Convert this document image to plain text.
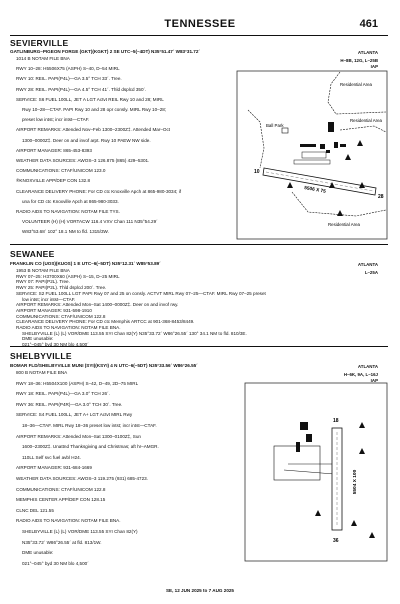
TENNESSEE	461
SEVIERVILLE
GATLINBURG–PIGEON FORGE (GKT)(KGKT) 2 SE UTC–5(–4DT) N35°51.47´ W83°31.72´	ATLANTA
H–8B, 12G, L–25B
IAP
1014 B NOTAM FILE BNA
RWY 10–28: H5506X75 (ASPH) S–40, D–54 MIRL
RWY 10: REIL. PAPI(P4L)—GA 3.5° TCH 33´. Tree.
RWY 28: REIL. PAPI(P4L)—GA 4.5° TCH 41´. Thld dsplcd 350´.
SERVICE: S6 FUEL 100LL, JET A LGT Actvt REIL Rwy 10 and 28; MIRL
Rwy 10–28—CTAF. PAPI Rwy 10 and 28 opr consly. MIRL Rwy 10–28;
preset low intst; incr intst—CTAF.
AIRPORT REMARKS: Attended Nov–Feb 1300–2300Z‡. Attended Mar–Oct
1300–0000Z‡. Deer on and invof arpt. Rwy 10 PAEW NW side.
AIRPORT MANAGER: 865-453-8393
WEATHER DATA SOURCES: AWOS–3 126.875 (865) 429–5301.
COMMUNICATIONS: CTAF/UNICOM 123.0
®KNOXVILLE APP/DEP CON 132.8
CLEARANCE DELIVERY PHONE: For CD ctc Knoxville Apch at 865-980-3034; if
una for CD ctc Knoxville Apch at 865-980-3033.
RADIO AIDS TO NAVIGATION: NOTAM FILE TYS.
VOLUNTEER (H) (H) VORTACW 116.4 VXV Chan 111 N35°54.29´
W83°53.68´ 102° 18.1 NM to fld. 1315/3W.
Residential Area
Ball Park
Residential Area
Residential Area
5506 X 75
10
28
SEWANEE
FRANKLIN CO (UOS)(KUOS) 1 E UTC–6(–5DT) N35°12.31´ W85°53.89´	ATLANTA
L–25A
1953 B NOTAM FILE BNA
RWY 07–25: H3700X60 (ASPH) S–15, D–25 MIRL
RWY 07: PAPI(P2L). Tree.
RWY 25: PAPI(P2L). Thld dsplcd 200´. Tree.
SERVICE: S2 FUEL 100LL LGT PAPI Rwy 07 and 25 on consly. ACTVT MIRL Rwy 07–25—CTAF. MIRL Rwy 07–25 preset
low intst; incr intst—CTAF.
AIRPORT REMARKS: Attended Mon–Sat 1400–0000Z‡. Deer on and invof rwy.
AIRPORT MANAGER: 931-598-1910
COMMUNICATIONS: CTAF/UNICOM 122.8
CLEARANCE DELIVERY PHONE: For CD ctc Memphis ARTCC at 901-368-8453/8449.
RADIO AIDS TO NAVIGATION: NOTAM FILE BNA.
SHELBYVILLE (L) (L) VOR/DME 113.55 SYI Chan 82(Y) N35°33.72´ W86°26.55´ 130° 34.1 NM to fld. 810/3E.
DME unusable:
021°–045° byd 30 NM blo 4,500´
SHELBYVILLE
BOMAR FLD/SHELBYVILLE MUNI (SYI)(KSYI) 4 N UTC–6(–5DT) N35°33.56´ W86°26.55´	ATLANTA
H–6K, 9A, L–16J
IAP
800 B NOTAM FILE BNA
RWY 18–36: H5504X100 (ASPH) S–42, D–49, 2D–75 MIRL
RWY 18: REIL. PAPI(P4L)—GA 3.0° TCH 26´.
RWY 36: REIL. PAPI(P4R)—GA 3.0° TCH 30´. Tree.
SERVICE: S4 FUEL 100LL, JET A+ LGT Actvt MIRL Rwy
18–36—CTAF. MIRL Rwy 18–36 preset low intst; incr intst—CTAF.
AIRPORT REMARKS: Attended Mon–Sat 1300–0100Z‡, Sun
1600–2300Z‡. Unattnd Thanksgiving and Christmas; aft hr–AMGR.
110LL Self svc fuel avbl H24.
AIRPORT MANAGER: 931-684-1669
WEATHER DATA SOURCES: AWOS–3 119.275 (931) 685-4723.
COMMUNICATIONS: CTAF/UNICOM 122.8
MEMPHIS CENTER APP/DEP CON 128.15
CLNC DEL 121.55
RADIO AIDS TO NAVIGATION: NOTAM FILE BNA.
SHELBYVILLE (L) (L) VOR/DME 113.55 SYI Chan 82(Y)
N35°33.72´ W86°26.55´ at fld. 813/1W.
DME unusable:
021°–045° byd 30 NM blo 4,500´
5504 X 100
18
36
SE, 12 JUN 2025 to 7 AUG 2025
